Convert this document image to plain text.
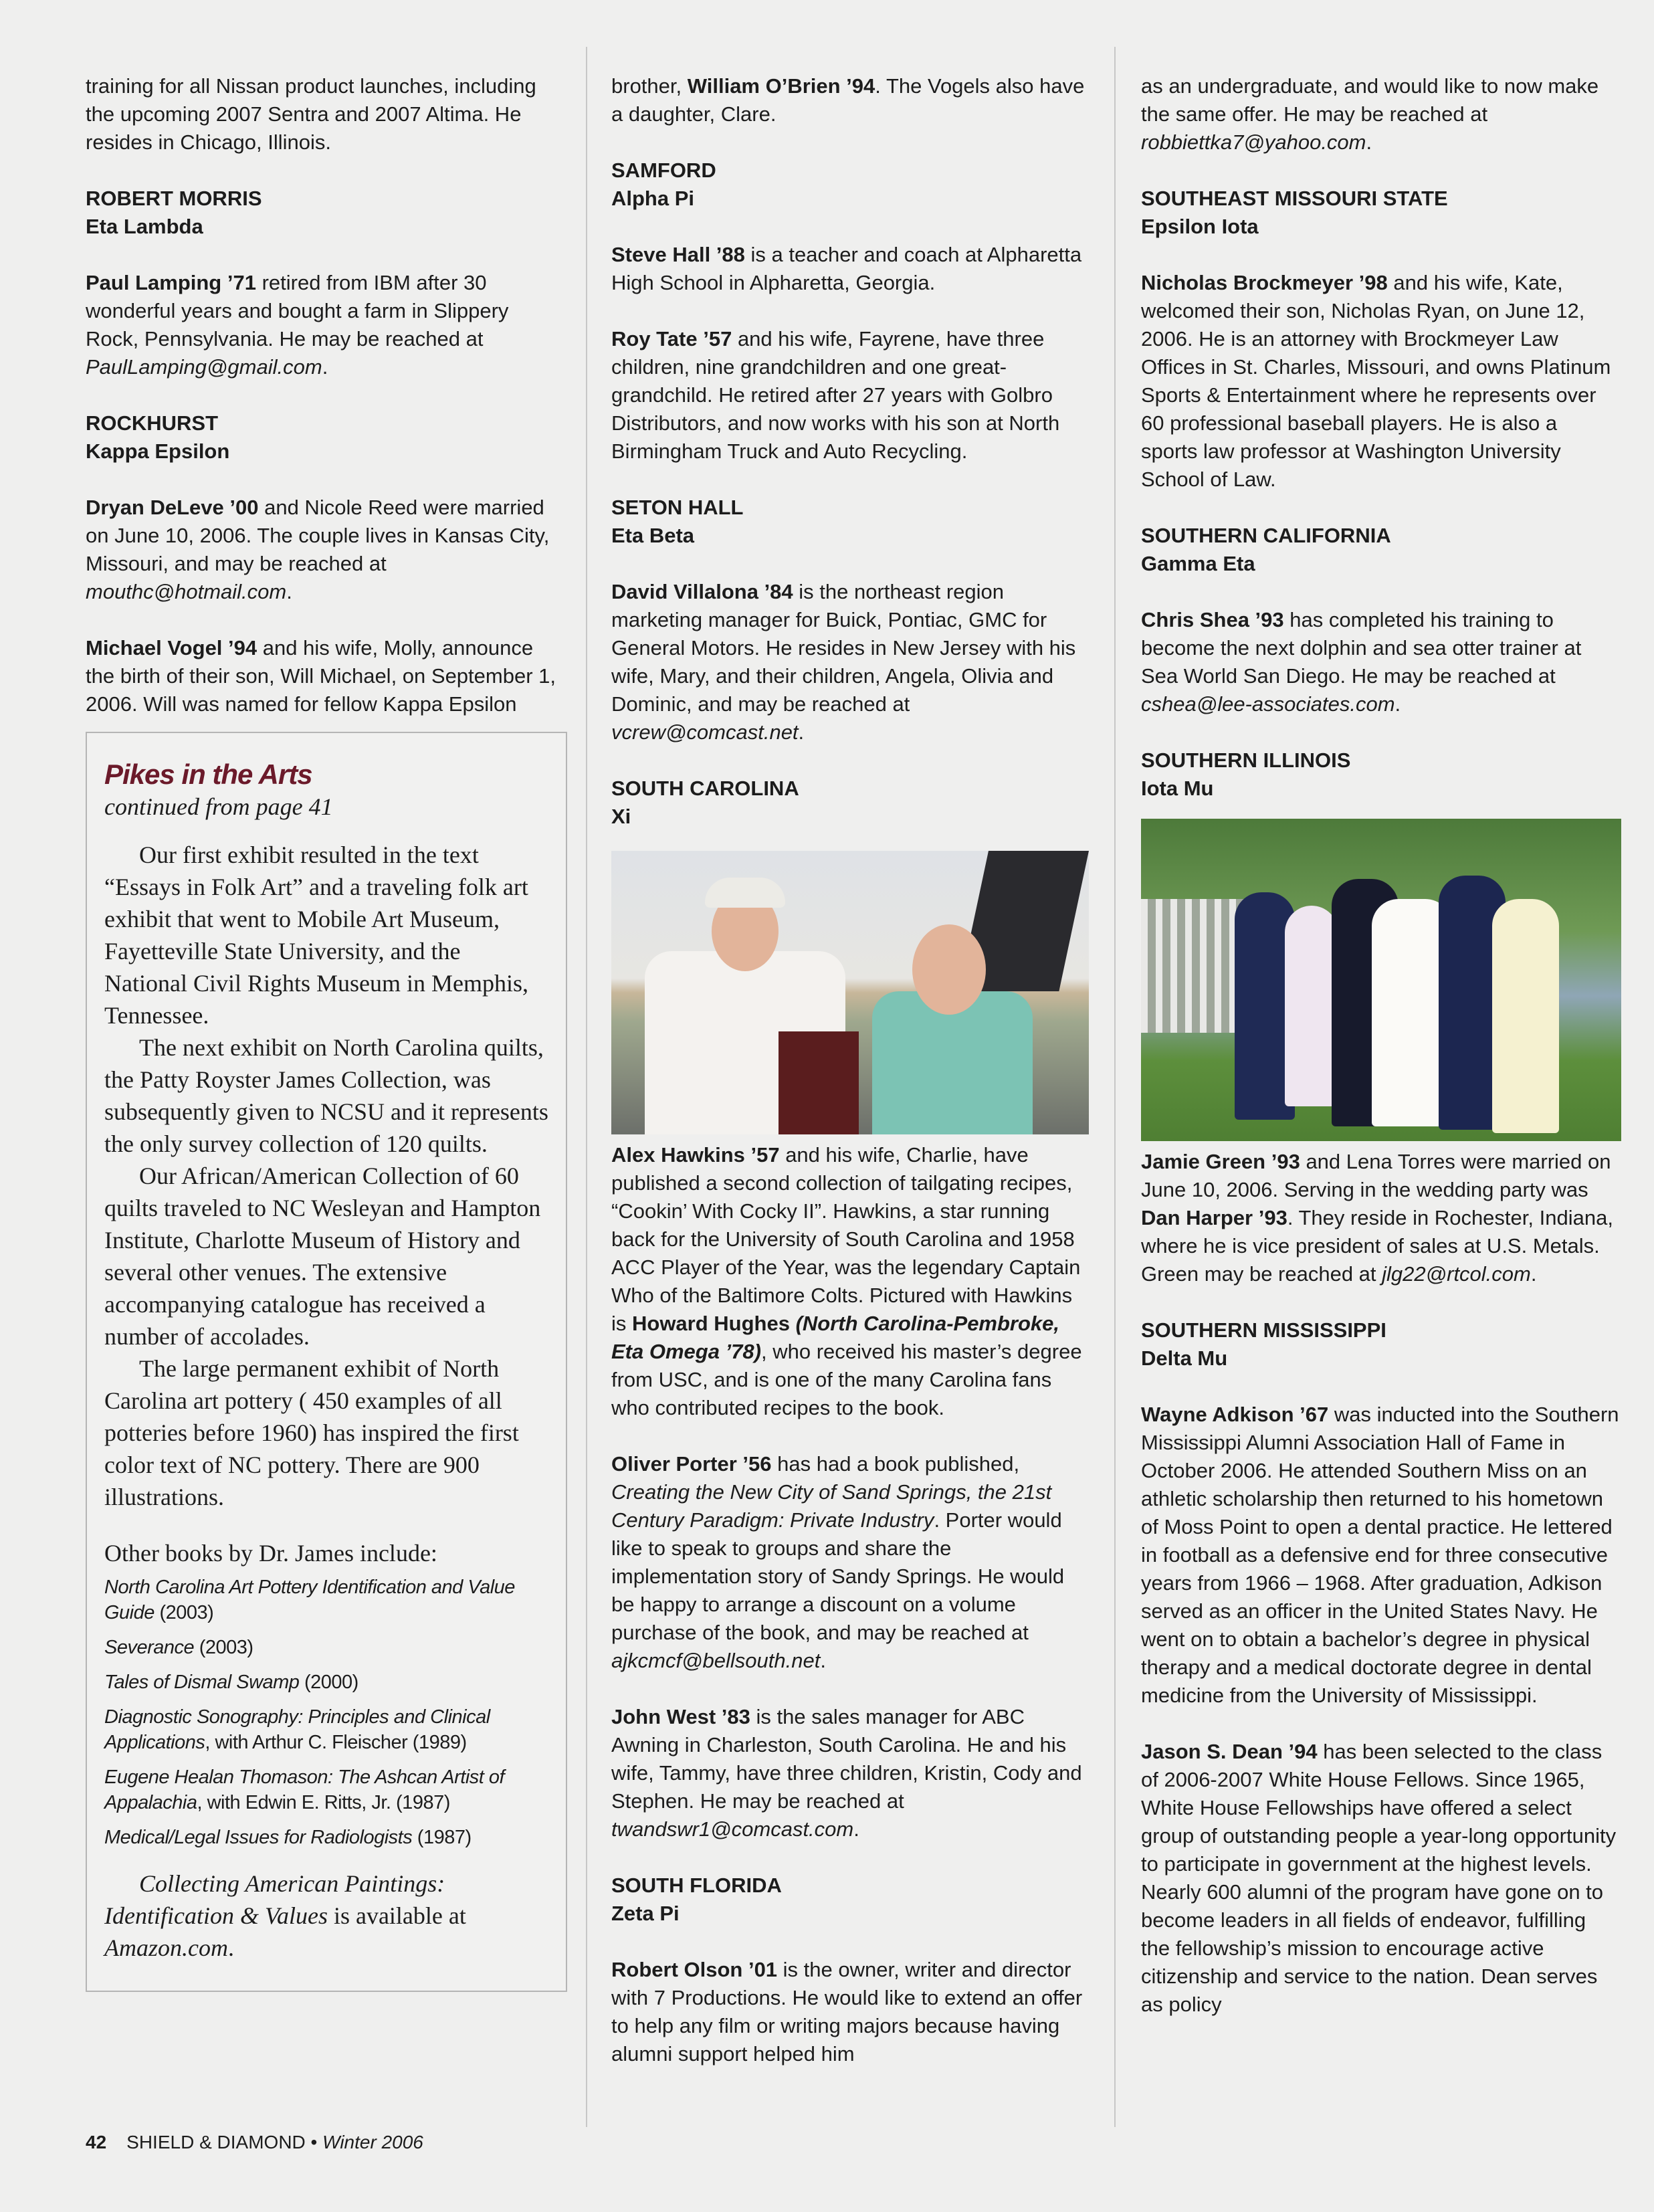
training for all Nissan product launches, including the upcoming 2007 Sentra and 2007 Altima. He resides in Chicago, Illinois.

ROBERT MORRIS
Eta Lambda

Paul Lamping ’71 retired from IBM after 30 wonderful years and bought a farm in Slippery Rock, Pennsylvania. He may be reached at PaulLamping@gmail.com.

ROCKHURST
Kappa Epsilon

Dryan DeLeve ’00 and Nicole Reed were married on June 10, 2006. The couple lives in Kansas City, Missouri, and may be reached at mouthc@hotmail.com.

Michael Vogel ’94 and his wife, Molly, announce the birth of their son, Will Michael, on September 1, 2006. Will was named for fellow Kappa Epsilon

Pikes in the Arts
continued from page 41

Our first exhibit resulted in the text “Essays in Folk Art” and a traveling folk art exhibit that went to Mobile Art Museum, Fayetteville State University, and the National Civil Rights Museum in Memphis, Tennessee.

The next exhibit on North Carolina quilts, the Patty Royster James Collection, was subsequently given to NCSU and it represents the only survey collection of 120 quilts.

Our African/American Collection of 60 quilts traveled to NC Wesleyan and Hampton Institute, Charlotte Museum of History and several other venues. The extensive accompanying catalogue has received a number of accolades.

The large permanent exhibit of North Carolina art pottery ( 450 examples of all potteries before 1960) has inspired the first color text of NC pottery. There are 900 illustrations.

Other books by Dr. James include:

North Carolina Art Pottery Identification and Value Guide (2003)
Severance (2003)
Tales of Dismal Swamp (2000)
Diagnostic Sonography: Principles and Clinical Applications, with Arthur C. Fleischer (1989)
Eugene Healan Thomason: The Ashcan Artist of Appalachia, with Edwin E. Ritts, Jr. (1987)
Medical/Legal Issues for Radiologists (1987)

Collecting American Paintings: Identification & Values is available at Amazon.com.

brother, William O’Brien ’94. The Vogels also have a daughter, Clare.

SAMFORD
Alpha Pi

Steve Hall ’88 is a teacher and coach at Alpharetta High School in Alpharetta, Georgia.

Roy Tate ’57 and his wife, Fayrene, have three children, nine grandchildren and one great-grandchild. He retired after 27 years with Golbro Distributors, and now works with his son at North Birmingham Truck and Auto Recycling.

SETON HALL
Eta Beta

David Villalona ’84 is the northeast region marketing manager for Buick, Pontiac, GMC for General Motors. He resides in New Jersey with his wife, Mary, and their children, Angela, Olivia and Dominic, and may be reached at vcrew@comcast.net.

SOUTH CAROLINA
Xi

Alex Hawkins ’57 and his wife, Charlie, have published a second collection of tailgating recipes, “Cookin’ With Cocky II”. Hawkins, a star running back for the University of South Carolina and 1958 ACC Player of the Year, was the legendary Captain Who of the Baltimore Colts. Pictured with Hawkins is Howard Hughes (North Carolina-Pembroke, Eta Omega ’78), who received his master’s degree from USC, and is one of the many Carolina fans who contributed recipes to the book.

Oliver Porter ’56 has had a book published, Creating the New City of Sand Springs, the 21st Century Paradigm: Private Industry. Porter would like to speak to groups and share the implementation story of Sandy Springs. He would be happy to arrange a discount on a volume purchase of the book, and may be reached at ajkcmcf@bellsouth.net.

John West ’83 is the sales manager for ABC Awning in Charleston, South Carolina. He and his wife, Tammy, have three children, Kristin, Cody and Stephen. He may be reached at twandswr1@comcast.com.

SOUTH FLORIDA
Zeta Pi

Robert Olson ’01 is the owner, writer and director with 7 Productions. He would like to extend an offer to help any film or writing majors because having alumni support helped him

as an undergraduate, and would like to now make the same offer. He may be reached at robbiettka7@yahoo.com.

SOUTHEAST MISSOURI STATE
Epsilon Iota

Nicholas Brockmeyer ’98 and his wife, Kate, welcomed their son, Nicholas Ryan, on June 12, 2006. He is an attorney with Brockmeyer Law Offices in St. Charles, Missouri, and owns Platinum Sports & Entertainment where he represents over 60 professional baseball players. He is also a sports law professor at Washington University School of Law.

SOUTHERN CALIFORNIA
Gamma Eta

Chris Shea ’93 has completed his training to become the next dolphin and sea otter trainer at Sea World San Diego. He may be reached at cshea@lee-associates.com.

SOUTHERN ILLINOIS
Iota Mu

Jamie Green ’93 and Lena Torres were married on June 10, 2006. Serving in the wedding party was Dan Harper ’93. They reside in Rochester, Indiana, where he is vice president of sales at U.S. Metals. Green may be reached at jlg22@rtcol.com.

SOUTHERN MISSISSIPPI
Delta Mu

Wayne Adkison ’67 was inducted into the Southern Mississippi Alumni Association Hall of Fame in October 2006. He attended Southern Miss on an athletic scholarship then returned to his hometown of Moss Point to open a dental practice. He lettered in football as a defensive end for three consecutive years from 1966 – 1968. After graduation, Adkison served as an officer in the United States Navy. He went on to obtain a bachelor’s degree in physical therapy and a medical doctorate degree in dental medicine from the University of Mississippi.

Jason S. Dean ’94 has been selected to the class of 2006-2007 White House Fellows. Since 1965, White House Fellowships have offered a select group of outstanding people a year-long opportunity to participate in government at the highest levels. Nearly 600 alumni of the program have gone on to become leaders in all fields of endeavor, fulfilling the fellowship’s mission to encourage active citizenship and service to the nation. Dean serves as policy

42 SHIELD & DIAMOND • Winter 2006
